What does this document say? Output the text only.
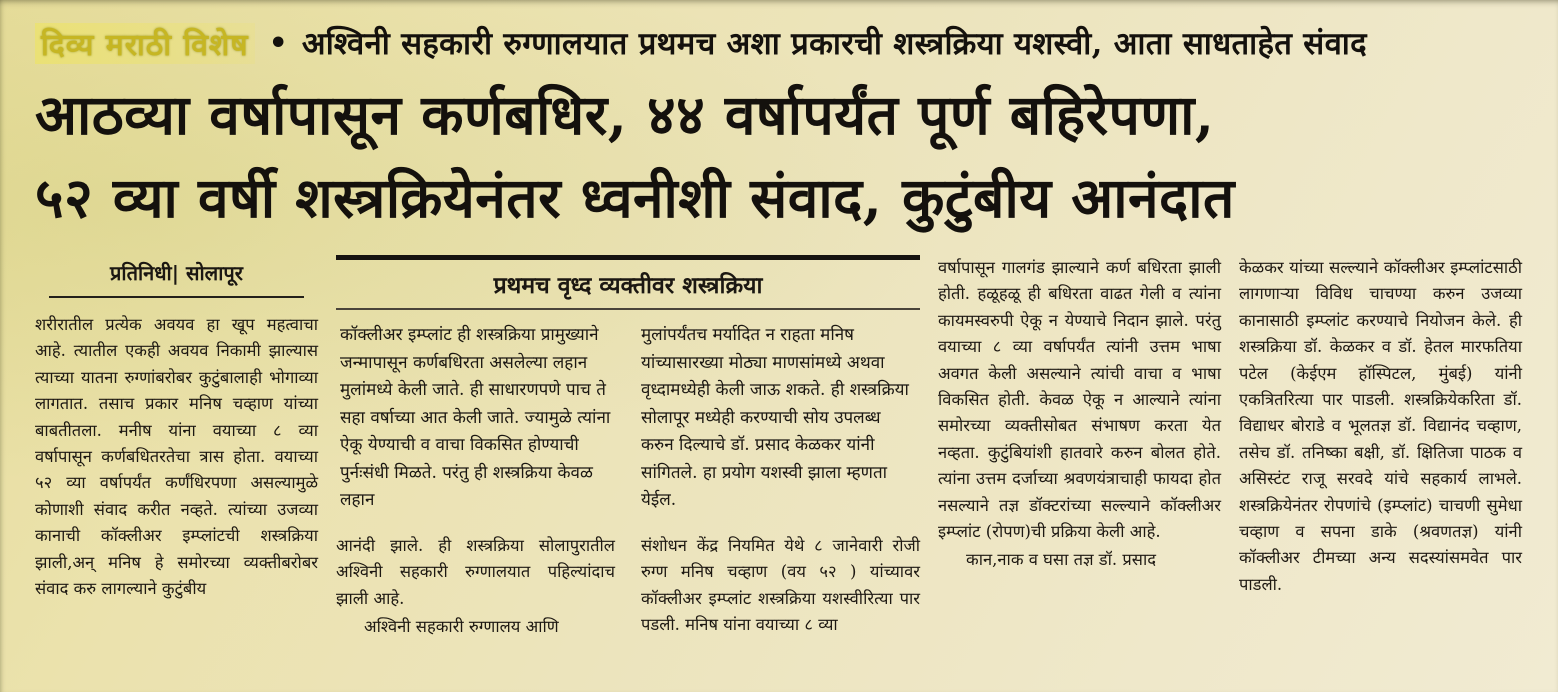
दिव्य मराठी विशेष • अश्विनी सहकारी रुग्णालयात प्रथमच अशा प्रकारची शस्त्रक्रिया यशस्वी, आता साधताहेत संवाद
आठव्या वर्षापासून कर्णबधिर, ४४ वर्षापर्यंत पूर्ण बहिरेपणा,
५२ व्या वर्षी शस्त्रक्रियेनंतर ध्वनीशी संवाद, कुटुंबीय आनंदात
प्रतिनिधी| सोलापूर

शरीरातील प्रत्येक अवयव हा खूप महत्वाचा आहे. त्यातील एकही अवयव निकामी झाल्यास त्याच्या यातना रुग्णांबरोबर कुटुंबालाही भोगाव्या लागतात. तसाच प्रकार मनिष चव्हाण यांच्या बाबतीतला. मनीष यांना वयाच्या ८ व्या वर्षापासून कर्णबधितरतेचा त्रास होता. वयाच्या ५२ व्या वर्षापर्यंत कर्णंधिरपणा असल्यामुळे कोणाशी संवाद करीत नव्हते. त्यांच्या उजव्या कानाची कॉक्लीअर इम्प्लांटची शस्त्रक्रिया झाली,अन् मनिष हे समोरच्या व्यक्तीबरोबर संवाद करु लागल्याने कुटुंबीय

प्रथमच वृध्द व्यक्तीवर शस्त्रक्रिया

कॉक्लीअर इम्प्लांट ही शस्त्रक्रिया प्रामुख्याने जन्मापासून कर्णबधिरता असलेल्या लहान मुलांमध्ये केली जाते. ही साधारणपणे पाच ते सहा वर्षाच्या आत केली जाते. ज्यामुळे त्यांना ऐकू येण्याची व वाचा विकसित होण्याची पुर्नःसंधी मिळते. परंतु ही शस्त्रक्रिया केवळ लहान

मुलांपर्यंतच मर्यादित न राहता मनिष यांच्यासारख्या मोठ्या माणसांमध्ये अथवा वृध्दामध्येही केली जाऊ शकते. ही शस्त्रक्रिया सोलापूर मध्येही करण्याची सोय उपलब्ध करुन दिल्याचे डॉ. प्रसाद केळकर यांनी सांगितले. हा प्रयोग यशस्वी झाला म्हणता येईल.

आनंदी झाले. ही शस्त्रक्रिया सोलापुरातील अश्विनी सहकारी रुग्णालयात पहिल्यांदाच झाली आहे.

अश्विनी सहकारी रुग्णालय आणि

संशोधन केंद्र नियमित येथे ८ जानेवारी रोजी रुग्ण मनिष चव्हाण (वय ५२ ) यांच्यावर कॉक्लीअर इम्प्लांट शस्त्रक्रिया यशस्वीरित्या पार पडली. मनिष यांना वयाच्या ८ व्या

वर्षापासून गालगंड झाल्याने कर्ण बधिरता झाली होती. हळूहळू ही बधिरता वाढत गेली व त्यांना कायमस्वरुपी ऐकू न येण्याचे निदान झाले. परंतु वयाच्या ८ व्या वर्षापर्यंत त्यांनी उत्तम भाषा अवगत केली असल्याने त्यांची वाचा व भाषा विकसित होती. केवळ ऐकू न आल्याने त्यांना समोरच्या व्यक्तीसोबत संभाषण करता येत नव्हता. कुटुंबियांशी हातवारे करुन बोलत होते. त्यांना उत्तम दर्जाच्या श्रवणयंत्राचाही फायदा होत नसल्याने तज्ञ डॉक्टरांच्या सल्ल्याने कॉक्लीअर इम्प्लांट (रोपण)ची प्रक्रिया केली आहे.

कान,नाक व घसा तज्ञ डॉ. प्रसाद

केळकर यांच्या सल्ल्याने कॉक्लीअर इम्प्लांटसाठी लागणाऱ्या विविध चाचण्या करुन उजव्या कानासाठी इम्प्लांट करण्याचे नियोजन केले. ही शस्त्रक्रिया डॉ. केळकर व डॉ. हेतल मारफतिया पटेल (केईएम हॉस्पिटल, मुंबई) यांनी एकत्रितरित्या पार पाडली. शस्त्रक्रियेकरिता डॉ. विद्याधर बोराडे व भूलतज्ञ डॉ. विद्यानंद चव्हाण, तसेच डॉ. तनिष्का बक्षी, डॉ. क्षितिजा पाठक व असिस्टंट राजू सरवदे यांचे सहकार्य लाभले. शस्त्रक्रियेनंतर रोपणांचे (इम्प्लांट) चाचणी सुमेधा चव्हाण व सपना डाके (श्रवणतज्ञ) यांनी कॉक्लीअर टीमच्या अन्य सदस्यांसमवेत पार पाडली.
